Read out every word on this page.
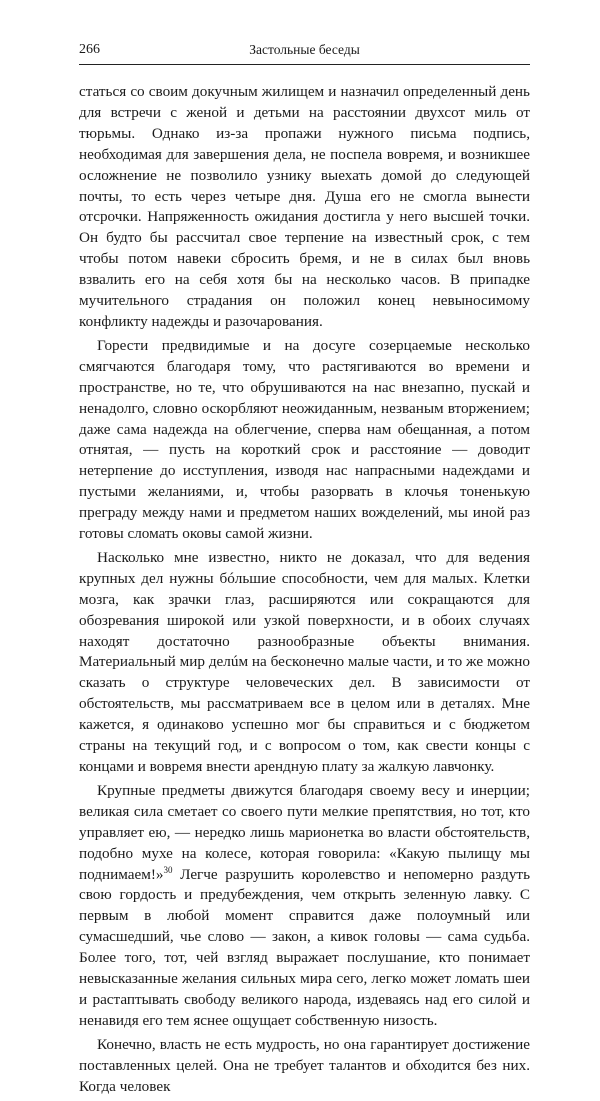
266	Застольные беседы

статься со своим докучным жилищем и назначил определенный день для встречи с женой и детьми на расстоянии двухсот миль от тюрьмы. Однако из-за пропажи нужного письма подпись, необходимая для завершения дела, не поспела вовремя, и возникшее осложнение не позволило узнику выехать домой до следующей почты, то есть через четыре дня. Душа его не смогла вынести отсрочки. Напряженность ожидания достигла у него высшей точки. Он будто бы рассчитал свое терпение на известный срок, с тем чтобы потом навеки сбросить бремя, и не в силах был вновь взвалить его на себя хотя бы на несколько часов. В припадке мучительного страдания он положил конец невыносимому конфликту надежды и разочарования.

Горести предвидимые и на досуге созерцаемые несколько смягчаются благодаря тому, что растягиваются во времени и пространстве, но те, что обрушиваются на нас внезапно, пускай и ненадолго, словно оскорбляют неожиданным, незваным вторжением; даже сама надежда на облегчение, сперва нам обещанная, а потом отнятая, — пусть на короткий срок и расстояние — доводит нетерпение до исступления, изводя нас напрасными надеждами и пустыми желаниями, и, чтобы разорвать в клочья тоненькую преграду между нами и предметом наших вожделений, мы иной раз готовы сломать оковы самой жизни.

Насколько мне известно, никто не доказал, что для ведения крупных дел нужны бóльшие способности, чем для малых. Клетки мозга, как зрачки глаз, расширяются или сокращаются для обозревания широкой или узкой поверхности, и в обоих случаях находят достаточно разнообразные объекты внимания. Материальный мир делúм на бесконечно малые части, и то же можно сказать о структуре человеческих дел. В зависимости от обстоятельств, мы рассматриваем все в целом или в деталях. Мне кажется, я одинаково успешно мог бы справиться и с бюджетом страны на текущий год, и с вопросом о том, как свести концы с концами и вовремя внести арендную плату за жалкую лавчонку.

Крупные предметы движутся благодаря своему весу и инерции; великая сила сметает со своего пути мелкие препятствия, но тот, кто управляет ею, — нередко лишь марионетка во власти обстоятельств, подобно мухе на колесе, которая говорила: «Какую пылищу мы поднимаем!»$^{30}$ Легче разрушить королевство и непомерно раздуть свою гордость и предубеждения, чем открыть зеленную лавку. С первым в любой момент справится даже полоумный или сумасшедший, чье слово — закон, а кивок головы — сама судьба. Более того, тот, чей взгляд выражает послушание, кто понимает невысказанные желания сильных мира сего, легко может ломать шеи и растаптывать свободу великого народа, издеваясь над его силой и ненавидя его тем яснее ощущает собственную низость.

Конечно, власть не есть мудрость, но она гарантирует достижение поставленных целей. Она не требует талантов и обходится без них. Когда человек
